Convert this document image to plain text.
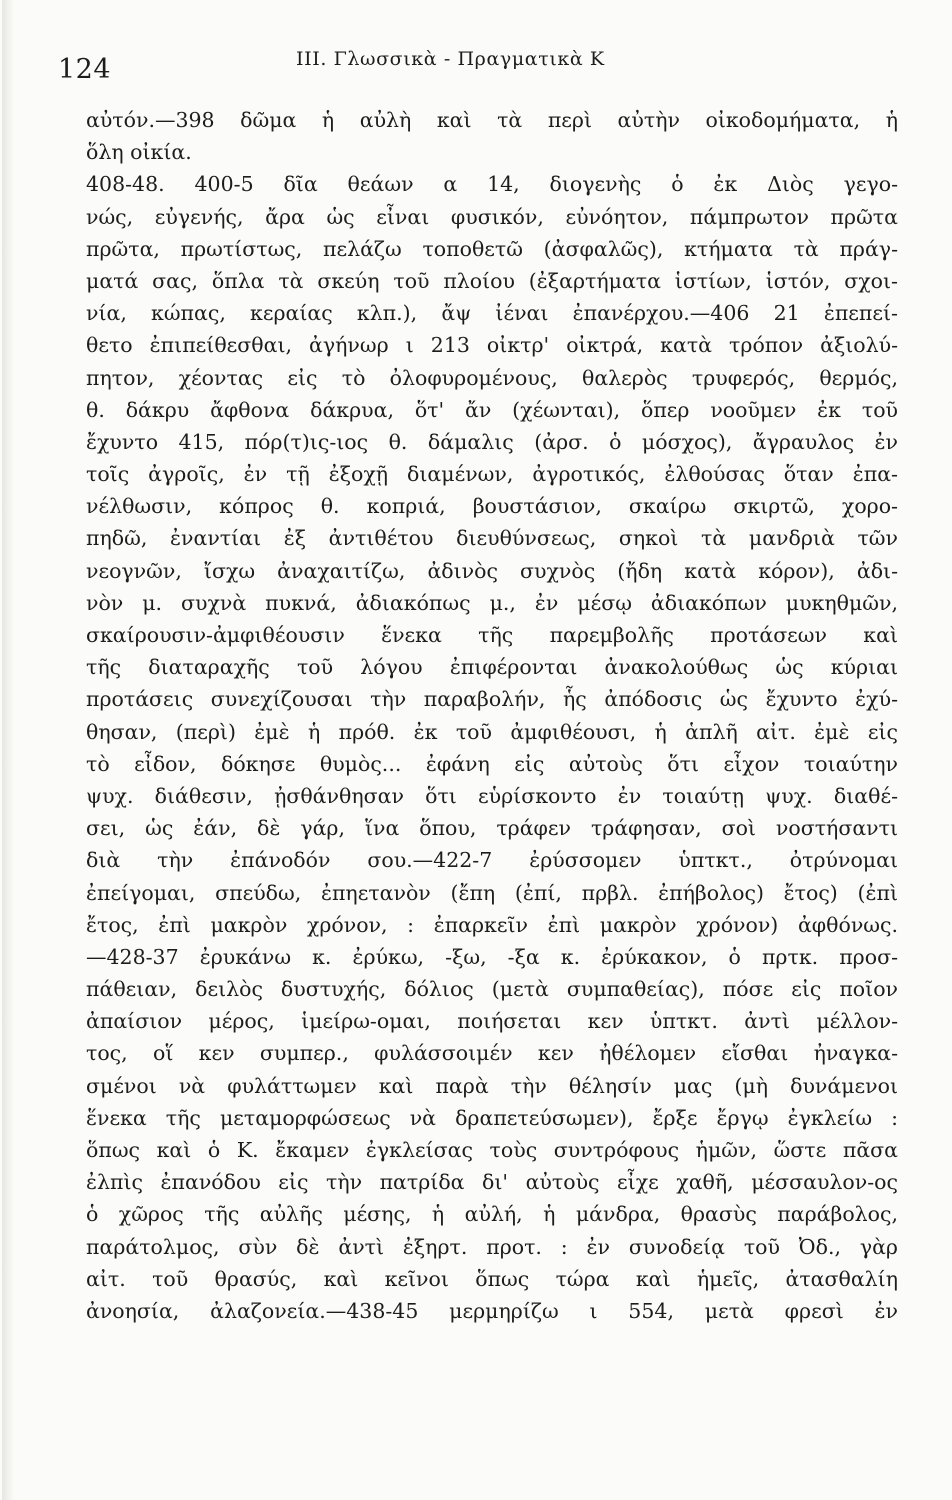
124	III. Γλωσσικὰ - Πραγματικὰ Κ
αὐτόν.—398 δῶμα ἡ αὐλὴ καὶ τὰ περὶ αὐτὴν οἰκοδομήματα, ἡ
ὅλη οἰκία.
408-48. 400-5 δῖα θεάων α 14, διογενὴς ὁ ἐκ Διὸς γεγο-
νώς, εὐγενής, ἄρα ὡς εἶναι φυσικόν, εὐνόητον, πάμπρωτον πρῶτα
πρῶτα, πρωτίστως, πελάζω τοποθετῶ (ἀσφαλῶς), κτήματα τὰ πράγ-
ματά σας, ὅπλα τὰ σκεύη τοῦ πλοίου (ἐξαρτήματα ἱστίων, ἱστόν, σχοι-
νία, κώπας, κεραίας κλπ.), ἄψ ἰέναι ἐπανέρχου.—406 21 ἐπεπεί-
θετο ἐπιπείθεσθαι, ἀγήνωρ ι 213 οἰκτρ' οἰκτρά, κατὰ τρόπον ἀξιολύ-
πητον, χέοντας εἰς τὸ ὀλοφυρομένους, θαλερὸς τρυφερός, θερμός,
θ. δάκρυ ἄφθονα δάκρυα, ὅτ' ἄν (χέωνται), ὅπερ νοοῦμεν ἐκ τοῦ
ἔχυντο 415, πόρ(τ)ις-ιος θ. δάμαλις (ἀρσ. ὁ μόσχος), ἄγραυλος ἐν
τοῖς ἀγροῖς, ἐν τῇ ἐξοχῇ διαμένων, ἀγροτικός, ἐλθούσας ὅταν ἐπα-
νέλθωσιν, κόπρος θ. κοπριά, βουστάσιον, σκαίρω σκιρτῶ, χορο-
πηδῶ, ἐναντίαι ἐξ ἀντιθέτου διευθύνσεως, σηκοὶ τὰ μανδριὰ τῶν
νεογνῶν, ἴσχω ἀναχαιτίζω, ἀδινὸς συχνὸς (ἤδη κατὰ κόρον), ἀδι-
νὸν μ. συχνὰ πυκνά, ἀδιακόπως μ., ἐν μέσῳ ἀδιακόπων μυκηθμῶν,
σκαίρουσιν-ἀμφιθέουσιν ἕνεκα τῆς παρεμβολῆς προτάσεων καὶ
τῆς διαταραχῆς τοῦ λόγου ἐπιφέρονται ἀνακολούθως ὡς κύριαι
προτάσεις συνεχίζουσαι τὴν παραβολήν, ἧς ἀπόδοσις ὡς ἔχυντο ἐχύ-
θησαν, (περὶ) ἐμὲ ἡ πρόθ. ἐκ τοῦ ἀμφιθέουσι, ἡ ἁπλῆ αἰτ. ἐμὲ εἰς
τὸ εἶδον, δόκησε θυμὸς... ἐφάνη εἰς αὐτοὺς ὅτι εἶχον τοιαύτην
ψυχ. διάθεσιν, ᾐσθάνθησαν ὅτι εὑρίσκοντο ἐν τοιαύτῃ ψυχ. διαθέ-
σει, ὡς ἐάν, δὲ γάρ, ἵνα ὅπου, τράφεν τράφησαν, σοὶ νοστήσαντι
διὰ τὴν ἐπάνοδόν σου.—422-7 ἐρύσσομεν ὑπτκτ., ὀτρύνομαι
ἐπείγομαι, σπεύδω, ἐπηετανὸν (ἔπη (ἐπί, πρβλ. ἐπήβολος) ἔτος) (ἐπὶ
ἔτος, ἐπὶ μακρὸν χρόνον, : ἐπαρκεῖν ἐπὶ μακρὸν χρόνον) ἀφθόνως.
—428-37 ἐρυκάνω κ. ἐρύκω, -ξω, -ξα κ. ἐρύκακον, ὁ πρτκ. προσ-
πάθειαν, δειλὸς δυστυχής, δόλιος (μετὰ συμπαθείας), πόσε εἰς ποῖον
ἀπαίσιον μέρος, ἱμείρω-ομαι, ποιήσεται κεν ὑπτκτ. ἀντὶ μέλλον-
τος, οἵ κεν συμπερ., φυλάσσοιμέν κεν ἠθέλομεν εἴσθαι ἠναγκα-
σμένοι νὰ φυλάττωμεν καὶ παρὰ τὴν θέλησίν μας (μὴ δυνάμενοι
ἕνεκα τῆς μεταμορφώσεως νὰ δραπετεύσωμεν), ἔρξε ἔργῳ ἐγκλείω :
ὅπως καὶ ὁ Κ. ἔκαμεν ἐγκλείσας τοὺς συντρόφους ἡμῶν, ὥστε πᾶσα
ἐλπὶς ἐπανόδου εἰς τὴν πατρίδα δι' αὐτοὺς εἶχε χαθῆ, μέσσαυλον-ος
ὁ χῶρος τῆς αὐλῆς μέσης, ἡ αὐλή, ἡ μάνδρα, θρασὺς παράβολος,
παράτολμος, σὺν δὲ ἀντὶ ἐξηρτ. προτ. : ἐν συνοδείᾳ τοῦ Ὀδ., γὰρ
αἰτ. τοῦ θρασύς, καὶ κεῖνοι ὅπως τώρα καὶ ἡμεῖς, ἀτασθαλίη
ἀνοησία, ἀλαζονεία.—438-45 μερμηρίζω ι 554, μετὰ φρεσὶ ἐν
